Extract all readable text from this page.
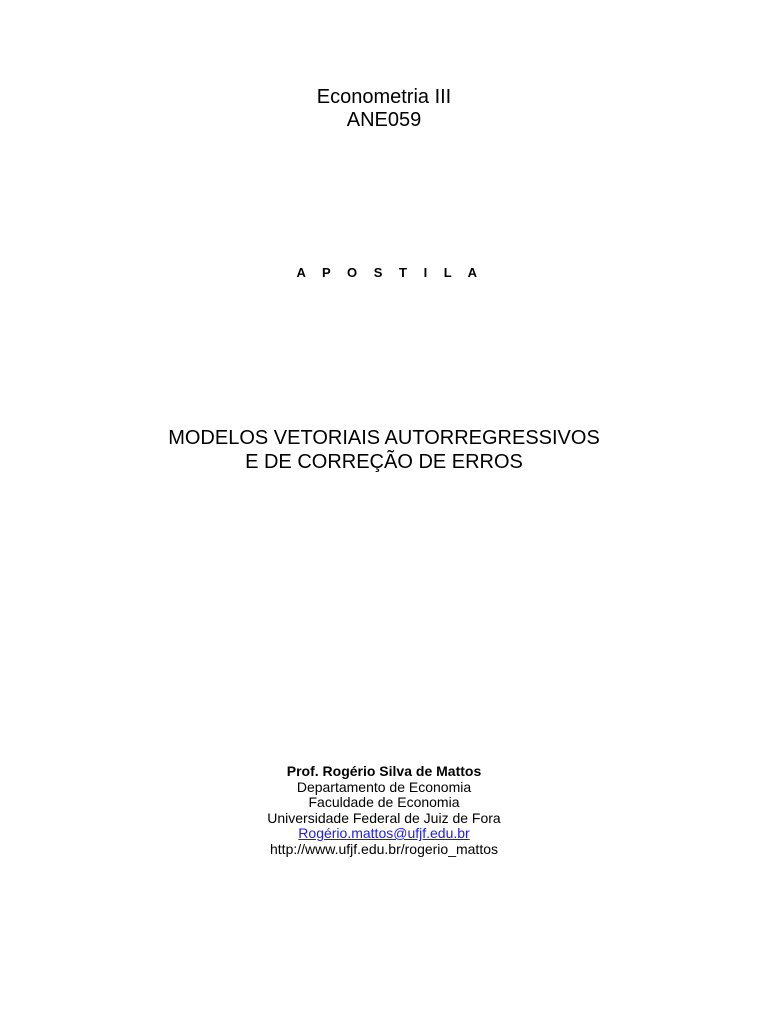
Econometria III
ANE059
A P O S T I L A
MODELOS VETORIAIS AUTORREGRESSIVOS
E DE CORREÇÃO DE ERROS
Prof. Rogério Silva de Mattos
Departamento de Economia
Faculdade de Economia
Universidade Federal de Juiz de Fora
Rogério.mattos@ufjf.edu.br
http://www.ufjf.edu.br/rogerio_mattos
